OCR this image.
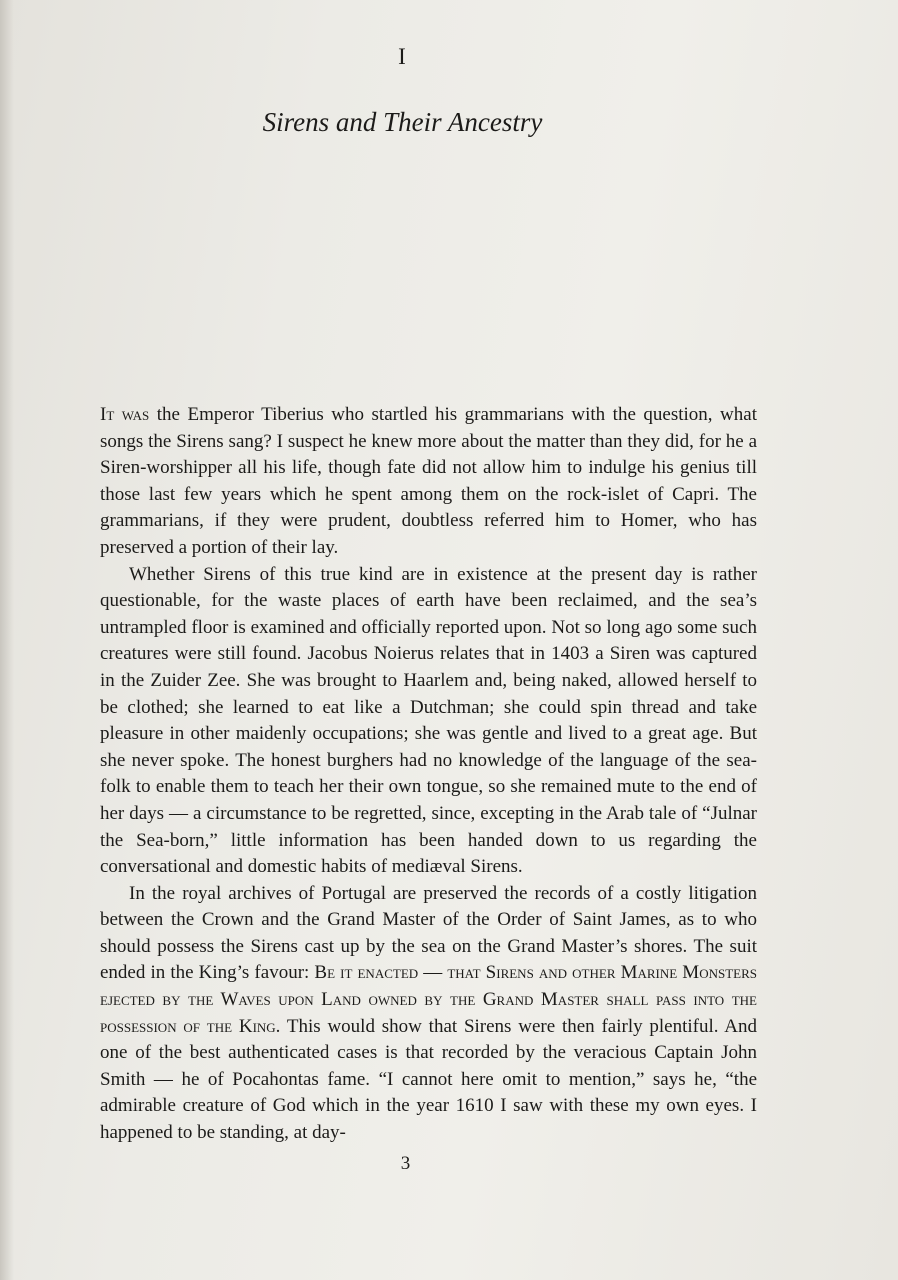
I
Sirens and Their Ancestry

It was the Emperor Tiberius who startled his grammarians with the question, what songs the Sirens sang? I suspect he knew more about the matter than they did, for he a Siren-worshipper all his life, though fate did not allow him to indulge his genius till those last few years which he spent among them on the rock-islet of Capri. The grammarians, if they were prudent, doubtless referred him to Homer, who has preserved a portion of their lay.

Whether Sirens of this true kind are in existence at the present day is rather questionable, for the waste places of earth have been reclaimed, and the sea’s untrampled floor is examined and officially reported upon. Not so long ago some such creatures were still found. Jacobus Noierus relates that in 1403 a Siren was captured in the Zuider Zee. She was brought to Haarlem and, being naked, allowed herself to be clothed; she learned to eat like a Dutchman; she could spin thread and take pleasure in other maidenly occupations; she was gentle and lived to a great age. But she never spoke. The honest burghers had no knowledge of the language of the sea-folk to enable them to teach her their own tongue, so she remained mute to the end of her days — a circumstance to be regretted, since, excepting in the Arab tale of “Julnar the Sea-born,” little information has been handed down to us regarding the conversational and domestic habits of mediæval Sirens.

In the royal archives of Portugal are preserved the records of a costly litigation between the Crown and the Grand Master of the Order of Saint James, as to who should possess the Sirens cast up by the sea on the Grand Master’s shores. The suit ended in the King’s favour: Be it enacted — that Sirens and other Marine Monsters ejected by the Waves upon Land owned by the Grand Master shall pass into the possession of the King. This would show that Sirens were then fairly plentiful. And one of the best authenticated cases is that recorded by the veracious Captain John Smith — he of Pocahontas fame. “I cannot here omit to mention,” says he, “the admirable creature of God which in the year 1610 I saw with these my own eyes. I happened to be standing, at day-

3
